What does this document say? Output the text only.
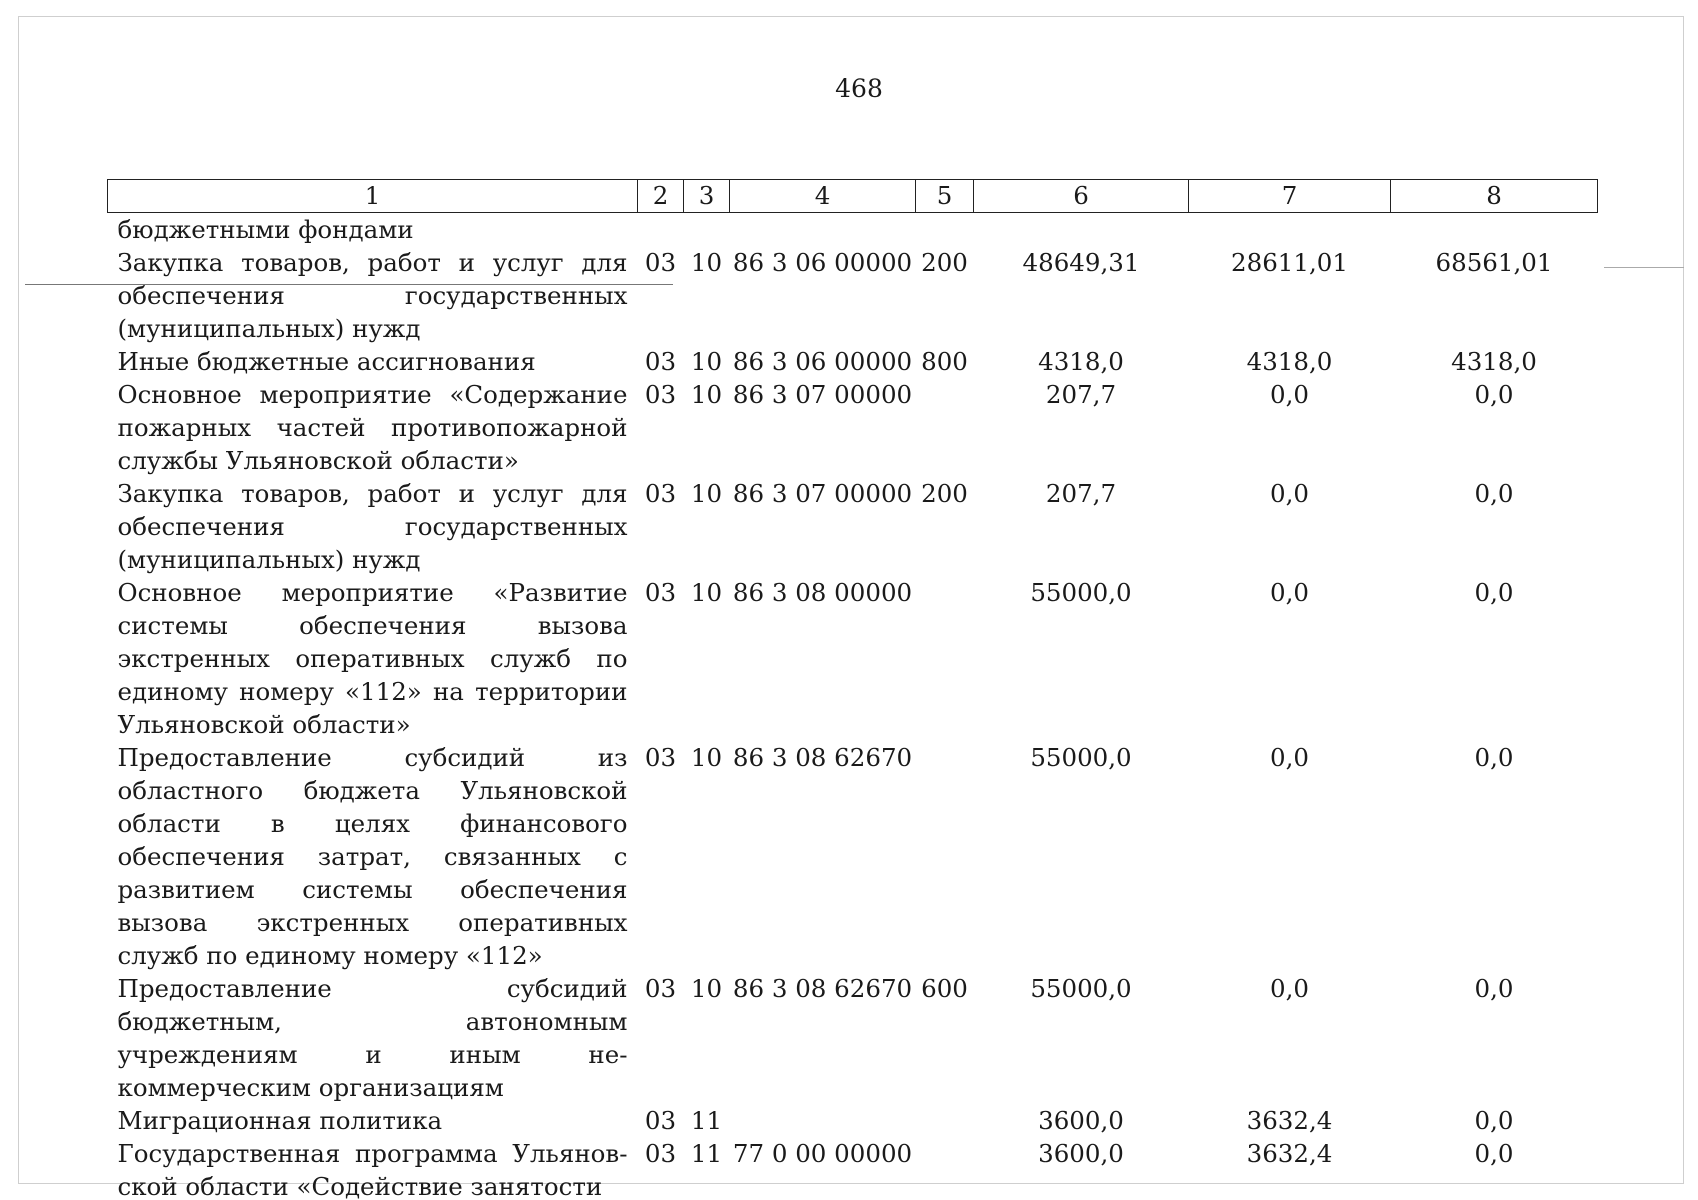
468
1	2	3	4	5	6	7	8
бюджетными фондами							
Закупка товаров, работ и услуг для обеспечения государственных (муниципальных) нужд	03	10	86 3 06 00000	200	48649,31	28611,01	68561,01
Иные бюджетные ассигнования	03	10	86 3 06 00000	800	4318,0	4318,0	4318,0
Основное мероприятие «Содержание пожарных частей противопожарной службы Ульяновской области»	03	10	86 3 07 00000		207,7	0,0	0,0
Закупка товаров, работ и услуг для обеспечения государственных (муниципальных) нужд	03	10	86 3 07 00000	200	207,7	0,0	0,0
Основное мероприятие «Развитие системы обеспечения вызова экстренных оперативных служб по единому номеру «112» на территории Ульяновской области»	03	10	86 3 08 00000		55000,0	0,0	0,0
Предоставление субсидий из областного бюджета Ульяновской области в целях финансового обеспечения затрат, связанных с развитием системы обеспечения вызова экстренных оперативных служб по единому номеру «112»	03	10	86 3 08 62670		55000,0	0,0	0,0
Предоставление субсидий бюджетным, автономным учреждениям и иным некоммерческим организациям	03	10	86 3 08 62670	600	55000,0	0,0	0,0
Миграционная политика	03	11			3600,0	3632,4	0,0
Государственная программа Ульяновской области «Содействие занятости	03	11	77 0 00 00000		3600,0	3632,4	0,0
